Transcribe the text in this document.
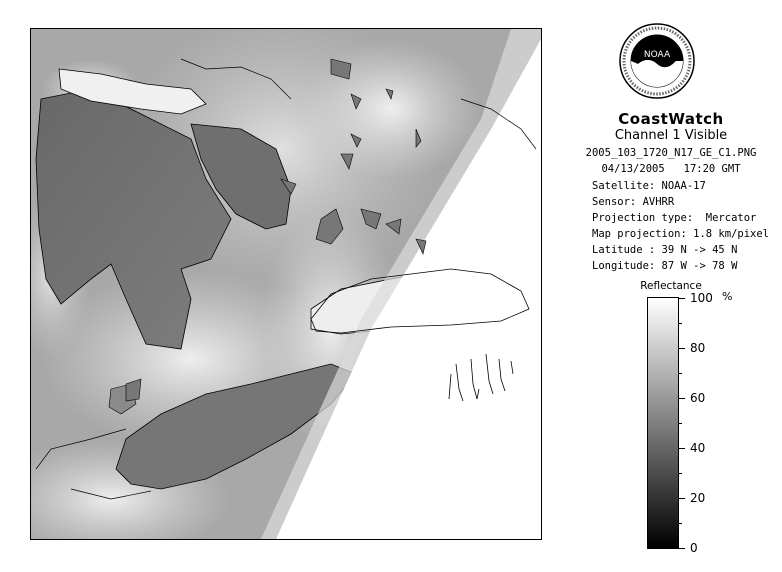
NOAA
CoastWatch
Channel 1 Visible
2005_103_1720_N17_GE_C1.PNG
04/13/2005   17:20 GMT
Satellite: NOAA-17
Sensor: AVHRR
Projection type:  Mercator
Map projection: 1.8 km/pixel
Latitude : 39 N -> 45 N
Longitude: 87 W -> 78 W
Reflectance
%
100
80
60
40
20
0
